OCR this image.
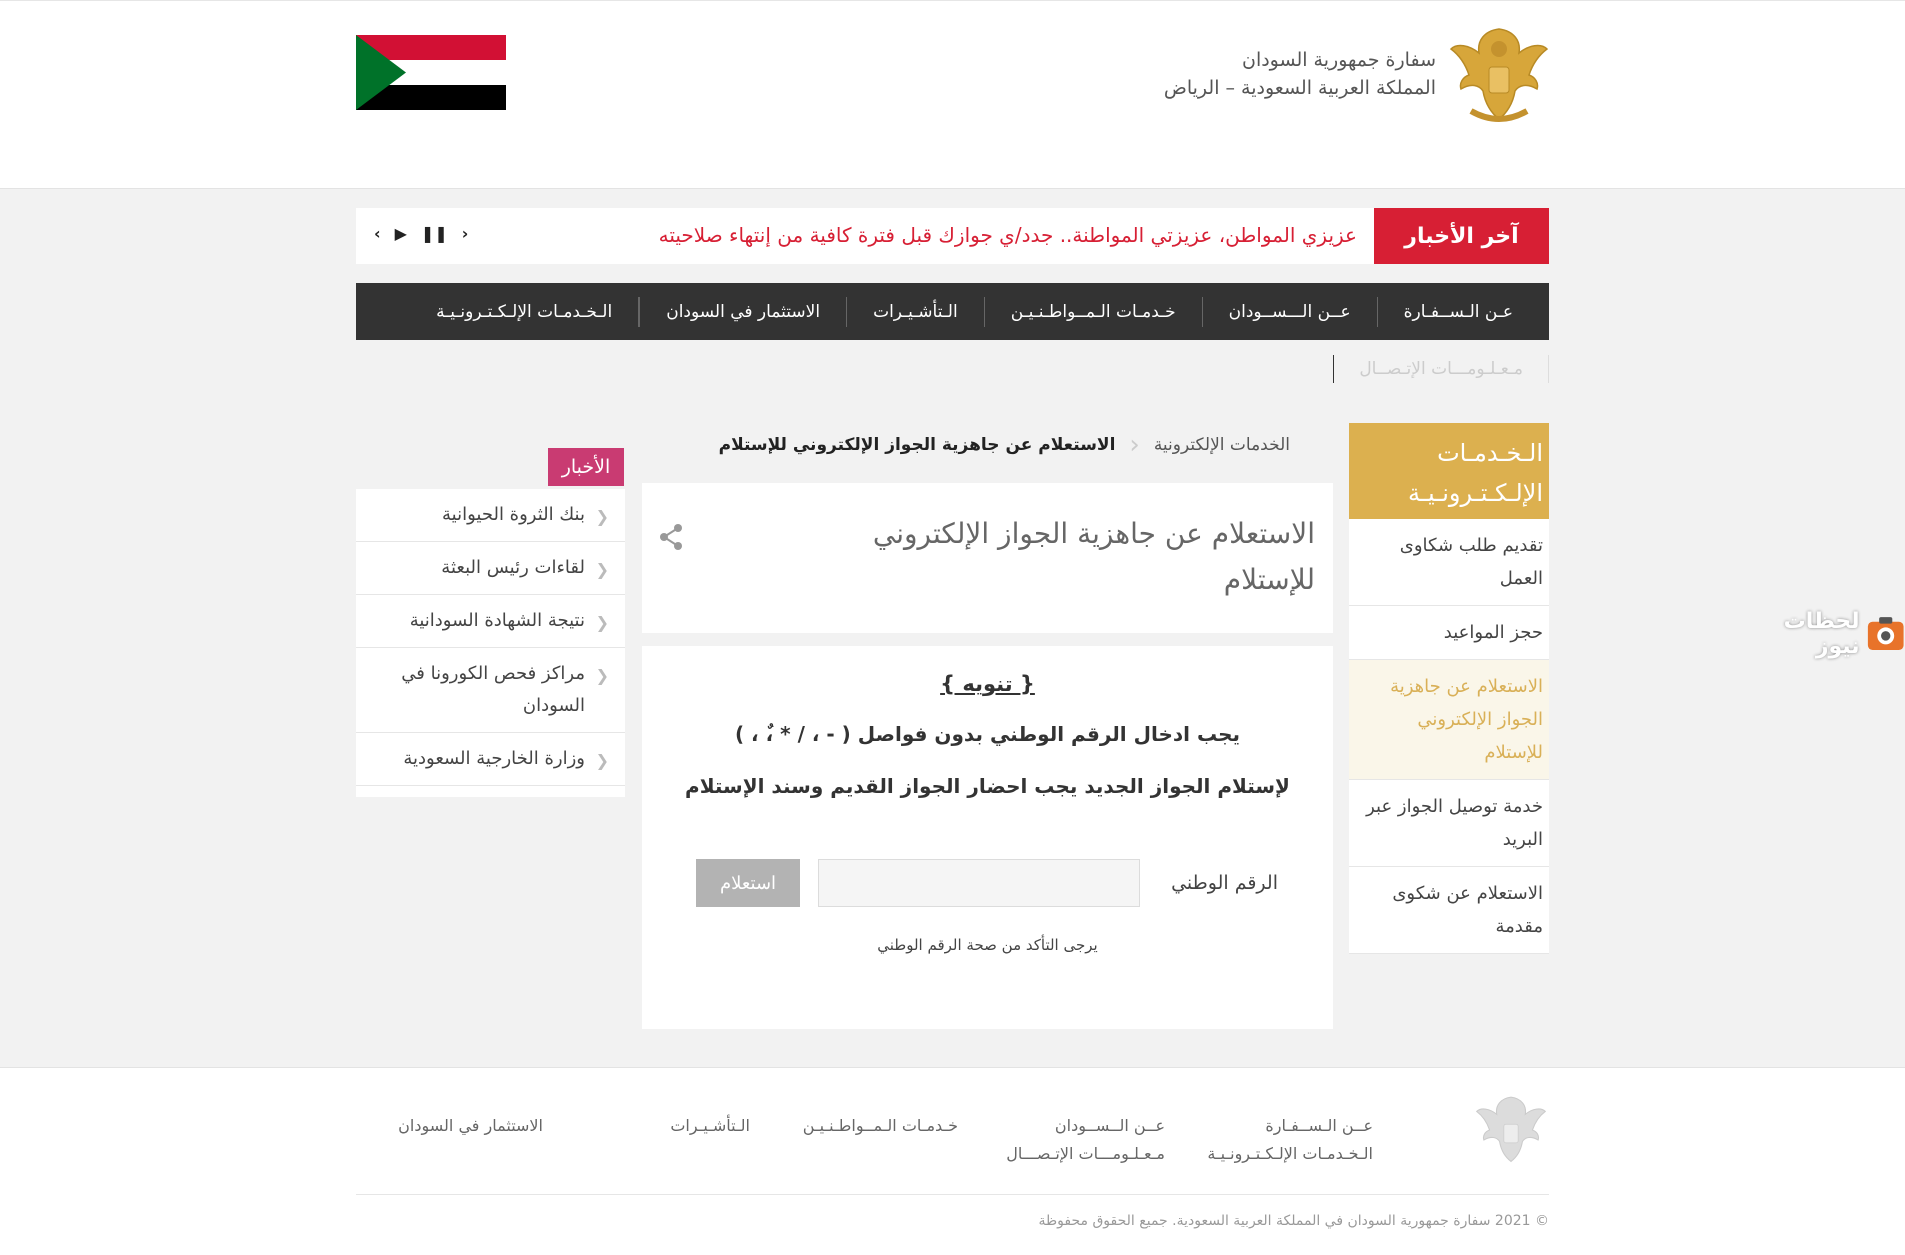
سفارة جمهورية السودان
المملكة العربية السعودية – الرياض
آخر الأخبار
عزيزي المواطن، عزيزتي المواطنة.. جدد/ي جوازك قبل فترة كافية من إنتهاء صلاحيته
‹ ▶ ❚❚ ›
عـن الـســفـارة
عــن الـــســودان
خـدمـات الـمــواطـنـيـن
الـتأشـيـرات
الاستثمار في السودان
الـخـدمـات الإلـكـتـرونـيـة
مـعـلـومـــات الإتـصــال
الـخـدمـات الإلـكـتـرونـيـة
تقديم طلب شكاوى العمل
حجز المواعيد
الاستعلام عن جاهزية الجواز الإلكتروني للإستلام
خدمة توصيل الجواز عبر البريد
الاستعلام عن شكوى مقدمة
الخدمات الإلكترونية
‹
الاستعلام عن جاهزية الجواز الإلكتروني للإستلام
الاستعلام عن جاهزية الجواز الإلكتروني للإستلام
{ تنويه }
يجب ادخال الرقم الوطني بدون فواصل ( - ، / * ،ٌ ، )
لإستلام الجواز الجديد يجب احضار الجواز القديم وسند الإستلام
الرقم الوطني
استعلام
يرجى التأكد من صحة الرقم الوطني
الأخبار
❮
بنك الثروة الحيوانية
❮
لقاءات رئيس البعثة
❮
نتيجة الشهادة السودانية
❮
مراكز فحص الكورونا في السودان
❮
وزارة الخارجية السعودية
لحظات نيوز
عــن الـســفـارة
الـخـدمـات الإلـكـتـرونـيـة
عــن الــســودان
مـعـلـومـــات الإتـصـــال
خـدمـات الـمــواطـنـيـن
الـتأشـيـرات
الاستثمار في السودان
© 2021 سفارة جمهورية السودان في المملكة العربية السعودية. جميع الحقوق محفوظة
